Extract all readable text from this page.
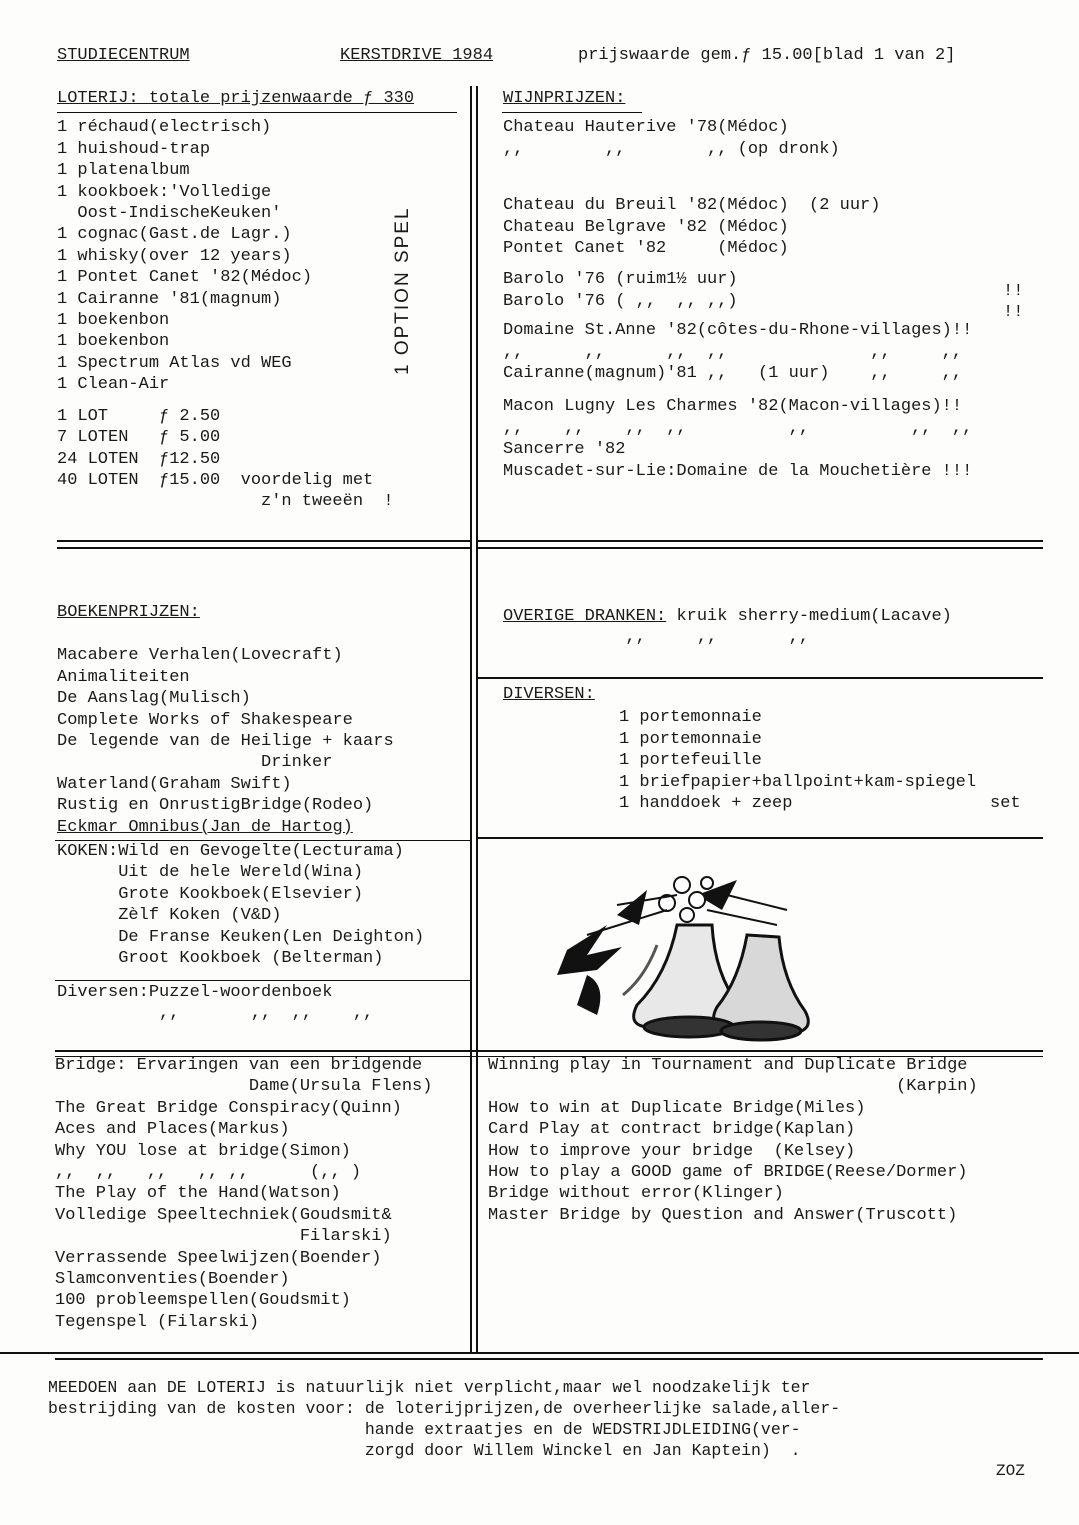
STUDIECENTRUM	KERSTDRIVE 1984	prijswaarde gem.ƒ 15.00[blad 1 van 2]
LOTERIJ: totale prijzenwaarde ƒ 330
1 réchaud(electrisch)
1 huishoud-trap
1 platenalbum
1 kookboek:'Volledige
Oost-IndischeKeuken'
1 cognac(Gast.de Lagr.)
1 whisky(over 12 years)
1 Pontet Canet '82(Médoc)
1 Cairanne '81(magnum)
1 boekenbon
1 boekenbon
1 Spectrum Atlas vd WEG
1 Clean-Air
1 LOT     ƒ 2.50
7 LOTEN   ƒ 5.00
24 LOTEN  ƒ12.50
40 LOTEN  ƒ15.00  voordelig met
z'n tweeën  !
1 OPTION SPEL
WIJNPRIJZEN:
Chateau Hauterive '78(Médoc)
,,        ,,        ,, (op dronk)
Chateau du Breuil '82(Médoc)  (2 uur)
Chateau Belgrave '82 (Médoc)
Pontet Canet '82     (Médoc)
Barolo '76 (ruim1½ uur)
Barolo '76 ( ,,  ,, ,,)
Domaine St.Anne '82(côtes-du-Rhone-villages)!!
,,      ,,      ,,  ,,              ,,     ,,
Cairanne(magnum)'81 ,,   (1 uur)    ,,     ,,
Macon Lugny Les Charmes '82(Macon-villages)!!
,,    ,,    ,,  ,,          ,,          ,,  ,,
Sancerre '82
Muscadet-sur-Lie:Domaine de la Mouchetière !!!
!!
!!
BOEKENPRIJZEN:
Macabere Verhalen(Lovecraft)
Animaliteiten
De Aanslag(Mulisch)
Complete Works of Shakespeare
De legende van de Heilige + kaars
Drinker
Waterland(Graham Swift)
Rustig en OnrustigBridge(Rodeo)
Eckmar Omnibus(Jan de Hartog)
KOKEN:Wild en Gevogelte(Lecturama)
Uit de hele Wereld(Wina)
Grote Kookboek(Elsevier)
Zèlf Koken (V&D)
De Franse Keuken(Len Deighton)
Groot Kookboek (Belterman)
Diversen:Puzzel-woordenboek
,,       ,,  ,,    ,,
OVERIGE DRANKEN: kruik sherry-medium(Lacave)
,,     ,,       ,,
DIVERSEN:
1 portemonnaie
1 portemonnaie
1 portefeuille
1 briefpapier+ballpoint+kam-spiegel
1 handdoek + zeep	set
Bridge: Ervaringen van een bridgende
Dame(Ursula Flens)
The Great Bridge Conspiracy(Quinn)
Aces and Places(Markus)
Why YOU lose at bridge(Simon)
,,  ,,   ,,   ,, ,,      (,, )
The Play of the Hand(Watson)
Volledige Speeltechniek(Goudsmit&
Filarski)
Verrassende Speelwijzen(Boender)
Slamconventies(Boender)
100 probleemspellen(Goudsmit)
Tegenspel (Filarski)
Winning play in Tournament and Duplicate Bridge
(Karpin)
How to win at Duplicate Bridge(Miles)
Card Play at contract bridge(Kaplan)
How to improve your bridge  (Kelsey)
How to play a GOOD game of BRIDGE(Reese/Dormer)
Bridge without error(Klinger)
Master Bridge by Question and Answer(Truscott)
MEEDOEN aan DE LOTERIJ is natuurlijk niet verplicht,maar wel noodzakelijk ter
bestrijding van de kosten voor: de loterijprijzen,de overheerlijke salade,aller-
hande extraatjes en de WEDSTRIJDLEIDING(ver-
zorgd door Willem Winckel en Jan Kaptein)  .
ZOZ
